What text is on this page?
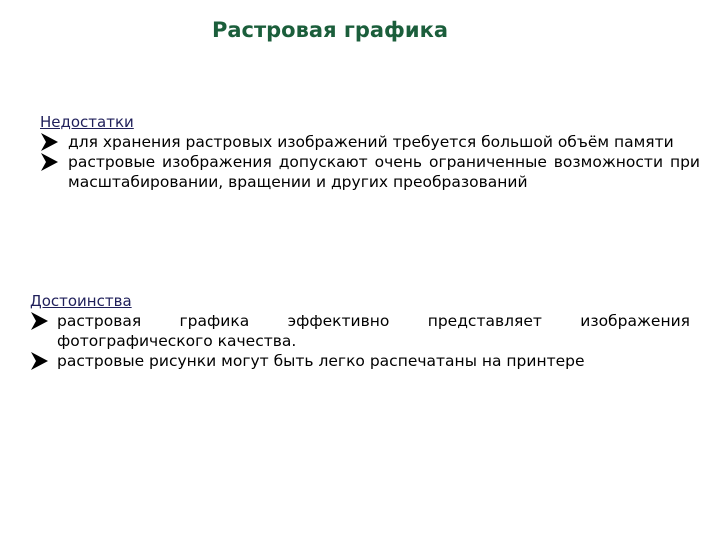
Растровая графика
Недостатки
для хранения растровых изображений требуется большой объём памяти
растровые изображения допускают очень ограниченные возможности при масштабировании, вращении и других преобразований
Достоинства
растровая графика эффективно представляет изображения фотографического качества.
растровые рисунки могут быть легко распечатаны на принтере
